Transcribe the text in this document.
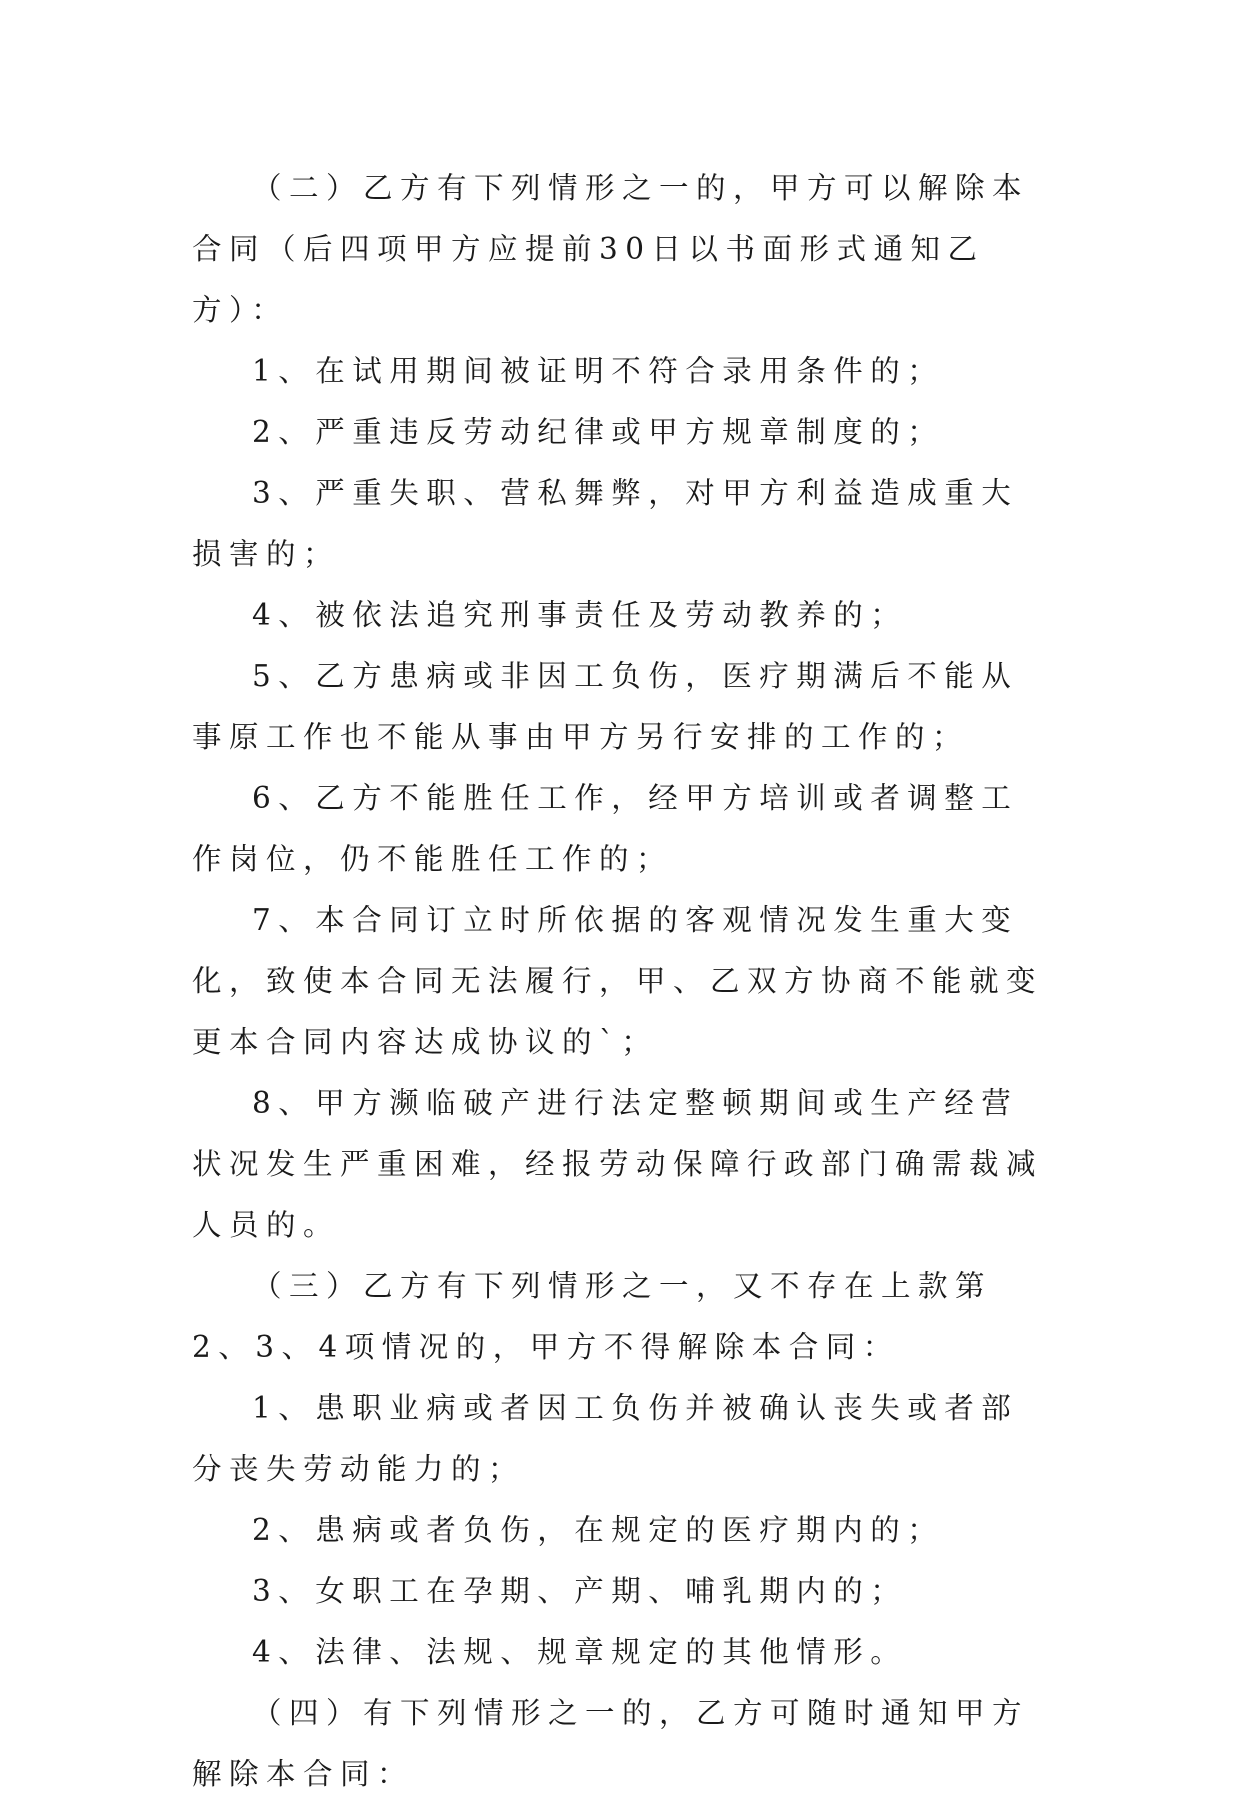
（二）乙方有下列情形之一的，甲方可以解除本合同（后四项甲方应提前30日以书面形式通知乙方）：

1、在试用期间被证明不符合录用条件的；

2、严重违反劳动纪律或甲方规章制度的；

3、严重失职、营私舞弊，对甲方利益造成重大损害的；

4、被依法追究刑事责任及劳动教养的；

5、乙方患病或非因工负伤，医疗期满后不能从事原工作也不能从事由甲方另行安排的工作的；

6、乙方不能胜任工作，经甲方培训或者调整工作岗位，仍不能胜任工作的；

7、本合同订立时所依据的客观情况发生重大变化，致使本合同无法履行，甲、乙双方协商不能就变更本合同内容达成协议的`；

8、甲方濒临破产进行法定整顿期间或生产经营状况发生严重困难，经报劳动保障行政部门确需裁减人员的。

（三）乙方有下列情形之一，又不存在上款第2、3、4项情况的，甲方不得解除本合同：

1、患职业病或者因工负伤并被确认丧失或者部分丧失劳动能力的；

2、患病或者负伤，在规定的医疗期内的；

3、女职工在孕期、产期、哺乳期内的；

4、法律、法规、规章规定的其他情形。

（四）有下列情形之一的，乙方可随时通知甲方解除本合同：
